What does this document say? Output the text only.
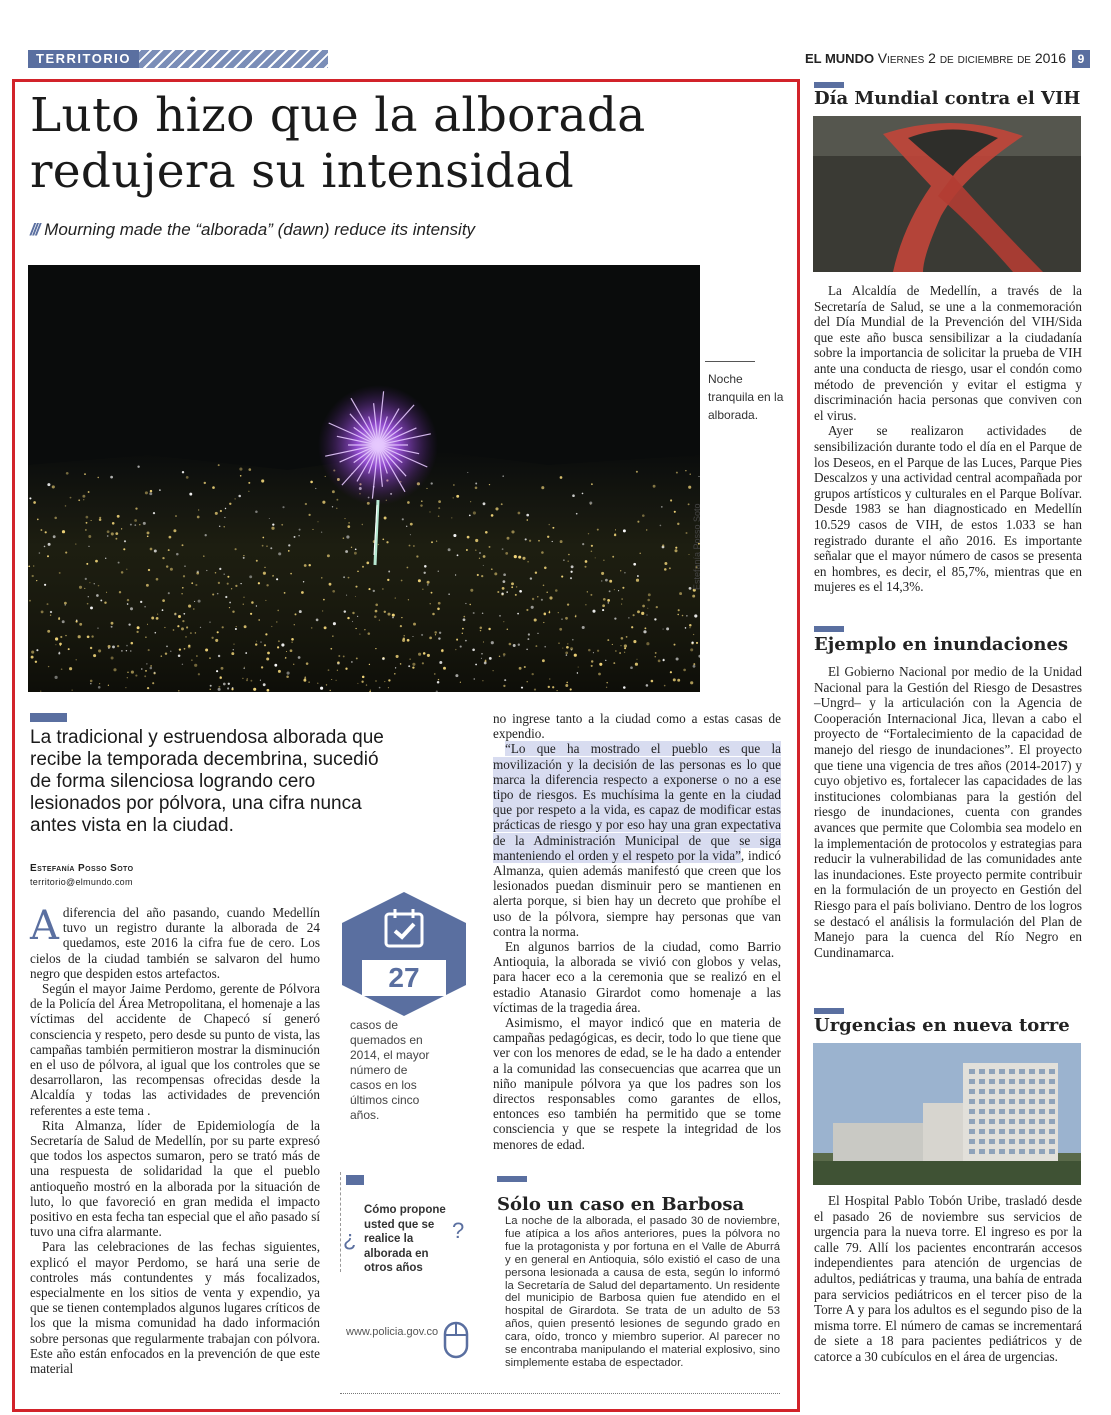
TERRITORIO	EL MUNDO Viernes 2 de diciembre de 2016 9
Luto hizo que la alborada
redujera su intensidad
/// Mourning made the “alborada” (dawn) reduce its intensity
Estefanía Posso Soto
Noche tranquila en la alborada.
La tradicional y estruendosa alborada que recibe la temporada decembrina, sucedió de forma silenciosa logrando cero lesionados por pólvora, una cifra nunca antes vista en la ciudad.
Estefanía Posso Soto
territorio@elmundo.com

Adiferencia del año pasando, cuando Medellín tuvo un registro durante la alborada de 24 quedamos, este 2016 la cifra fue de cero. Los cielos de la ciudad también se salvaron del humo negro que despiden estos artefactos.

Según el mayor Jaime Perdomo, gerente de Pólvora de la Policía del Área Metropolitana, el homenaje a las víctimas del accidente de Chapecó sí generó consciencia y respeto, pero desde su punto de vista, las campañas también permitieron mostrar la disminución en el uso de pólvora, al igual que los controles que se desarrollaron, las recompensas ofrecidas desde la Alcaldía y todas las actividades de prevención referentes a este tema .

Rita Almanza, líder de Epidemiología de la Secretaría de Salud de Medellín, por su parte expresó que todos los aspectos sumaron, pero se trató más de una respuesta de solidaridad la que el pueblo antioqueño mostró en la alborada por la situación de luto, lo que favoreció en gran medida el impacto positivo en esta fecha tan especial que el año pasado sí tuvo una cifra alarmante.

Para las celebraciones de las fechas siguientes, explicó el mayor Perdomo, se hará una serie de controles más contundentes y más focalizados, especialmente en los sitios de venta y expendio, ya que se tienen contemplados algunos lugares críticos de los que la misma comunidad ha dado información sobre personas que regularmente trabajan con pólvora. Este año están enfocados en la prevención de que este material

27
casos de quemados en 2014, el mayor número de casos en los últimos cinco años.
¿
Cómo propone usted que se realice la alborada en otros años
?
www.policia.gov.co

no ingrese tanto a la ciudad como a estas casas de expendio.

“Lo que ha mostrado el pueblo es que la movilización y la decisión de las personas es lo que marca la diferencia respecto a exponerse o no a ese tipo de riesgos. Es muchísima la gente en la ciudad que por respeto a la vida, es capaz de modificar estas prácticas de riesgo y por eso hay una gran expectativa de la Administración Municipal de que se siga manteniendo el orden y el respeto por la vida”, indicó Almanza, quien además manifestó que creen que los lesionados puedan disminuir pero se mantienen en alerta porque, si bien hay un decreto que prohíbe el uso de la pólvora, siempre hay personas que van contra la norma.

En algunos barrios de la ciudad, como Barrio Antioquia, la alborada se vivió con globos y velas, para hacer eco a la ceremonia que se realizó en el estadio Atanasio Girardot como homenaje a las víctimas de la tragedia área.

Asimismo, el mayor indicó que en materia de campañas pedagógicas, es decir, todo lo que tiene que ver con los menores de edad, se le ha dado a entender a la comunidad las consecuencias que acarrea que un niño manipule pólvora ya que los padres son los directos responsables como garantes de ellos, entonces eso también ha permitido que se tome consciencia y que se respete la integridad de los menores de edad.

Sólo un caso en Barbosa
La noche de la alborada, el pasado 30 de noviembre, fue atípica a los años anteriores, pues la pólvora no fue la protagonista y por fortuna en el Valle de Aburrá y en general en Antioquia, sólo existió el caso de una persona lesionada a causa de esta, según lo informó la Secretaría de Salud del departamento. Un residente del municipio de Barbosa quien fue atendido en el hospital de Girardota. Se trata de un adulto de 53 años, quien presentó lesiones de segundo grado en cara, oído, tronco y miembro superior. Al parecer no se encontraba manipulando el material explosivo, sino simplemente estaba de espectador.
Día Mundial contra el VIH

La Alcaldía de Medellín, a través de la Secretaría de Salud, se une a la conmemoración del Día Mundial de la Prevención del VIH/Sida que este año busca sensibilizar a la ciudadanía sobre la importancia de solicitar la prueba de VIH ante una conducta de riesgo, usar el condón como método de prevención y evitar el estigma y discriminación hacia personas que conviven con el virus.

Ayer se realizaron actividades de sensibilización durante todo el día en el Parque de los Deseos, en el Parque de las Luces, Parque Pies Descalzos y una actividad central acompañada por grupos artísticos y culturales en el Parque Bolívar. Desde 1983 se han diagnosticado en Medellín 10.529 casos de VIH, de estos 1.033 se han registrado durante el año 2016. Es importante señalar que el mayor número de casos se presenta en hombres, es decir, el 85,7%, mientras que en mujeres es el 14,3%.

Ejemplo en inundaciones

El Gobierno Nacional por medio de la Unidad Nacional para la Gestión del Riesgo de Desastres –Ungrd– y la articulación con la Agencia de Cooperación Internacional Jica, llevan a cabo el proyecto de “Fortalecimiento de la capacidad de manejo del riesgo de inundaciones”. El proyecto que tiene una vigencia de tres años (2014-2017) y cuyo objetivo es, fortalecer las capacidades de las instituciones colombianas para la gestión del riesgo de inundaciones, cuenta con grandes avances que permite que Colombia sea modelo en la implementación de protocolos y estrategias para reducir la vulnerabilidad de las comunidades ante las inundaciones. Este proyecto permite contribuir en la formulación de un proyecto en Gestión del Riesgo para el país boliviano. Dentro de los logros se destacó el análisis la formulación del Plan de Manejo para la cuenca del Río Negro en Cundinamarca.

Urgencias en nueva torre

El Hospital Pablo Tobón Uribe, trasladó desde el pasado 26 de noviembre sus servicios de urgencia para la nueva torre. El ingreso es por la calle 79. Allí los pacientes encontrarán accesos independientes para atención de urgencias de adultos, pediátricas y trauma, una bahía de entrada para servicios pediátricos en el tercer piso de la Torre A y para los adultos es el segundo piso de la misma torre. El número de camas se incrementará de siete a 18 para pacientes pediátricos y de catorce a 30 cubículos en el área de urgencias.
